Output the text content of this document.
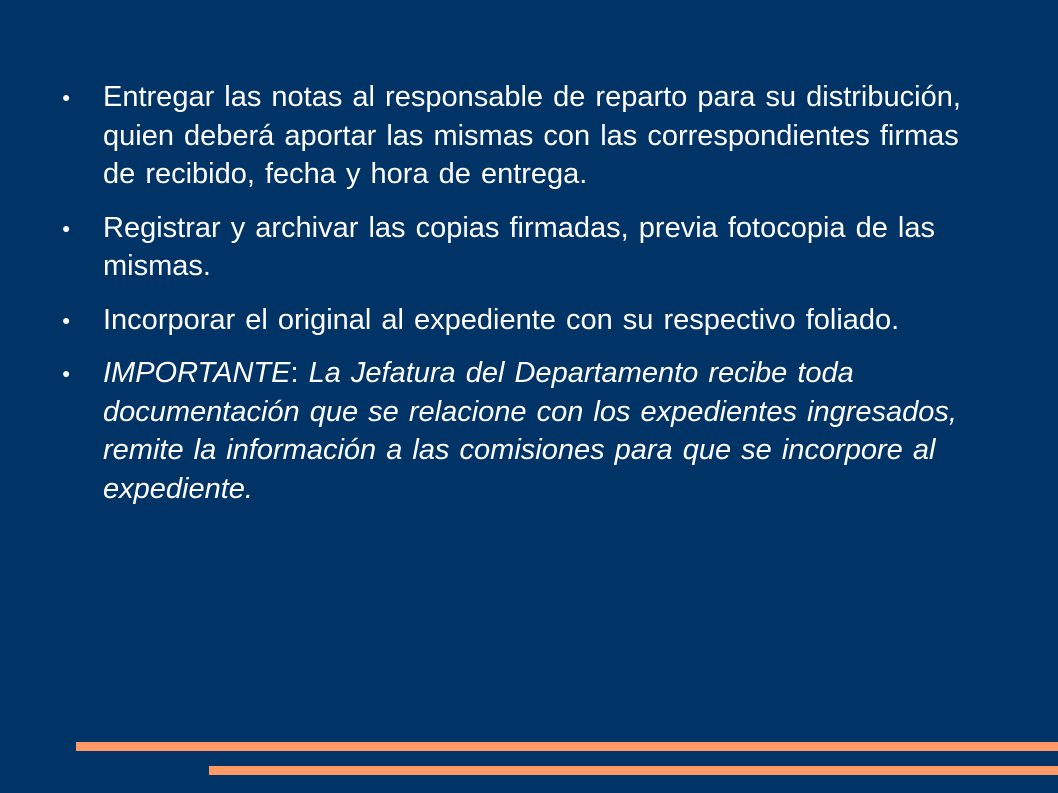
● Entregar las notas al responsable de reparto para su distribución, quien deberá aportar las mismas con las correspondientes firmas de recibido, fecha y hora de entrega.
● Registrar y archivar las copias firmadas, previa fotocopia de las mismas.
● Incorporar el original al expediente con su respectivo foliado.
● IMPORTANTE: La Jefatura del Departamento recibe toda documentación que se relacione con los expedientes ingresados, remite la información a las comisiones para que se incorpore al expediente.
